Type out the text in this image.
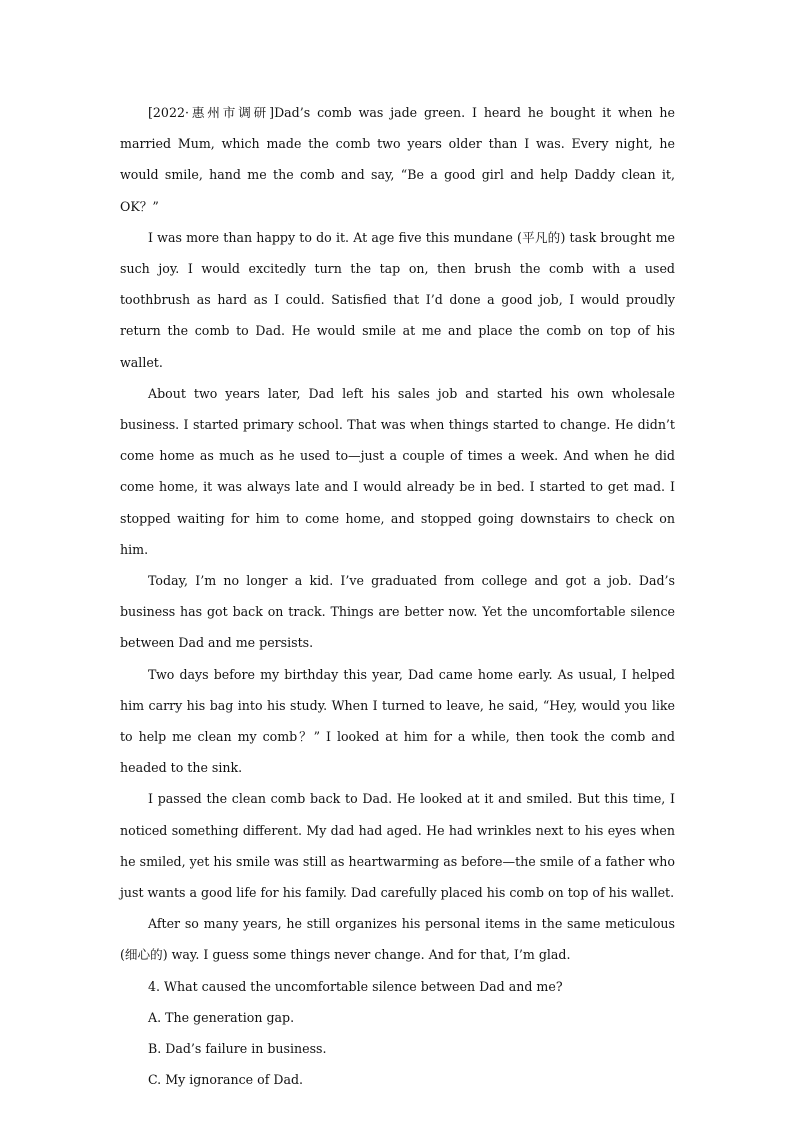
[2022·惠州市调研]Dad’s comb was jade green. I heard he bought it when he married Mum, which made the comb two years older than I was. Every night, he would smile, hand me the comb and say, “Be a good girl and help Daddy clean it, OK？”

I was more than happy to do it. At age five this mundane (平凡的) task brought me such joy. I would excitedly turn the tap on, then brush the comb with a used toothbrush as hard as I could. Satisfied that I’d done a good job, I would proudly return the comb to Dad. He would smile at me and place the comb on top of his wallet.

About two years later, Dad left his sales job and started his own wholesale business. I started primary school. That was when things started to change. He didn’t come home as much as he used to—just a couple of times a week. And when he did come home, it was always late and I would already be in bed. I started to get mad. I stopped waiting for him to come home, and stopped going downstairs to check on him.

Today, I’m no longer a kid. I’ve graduated from college and got a job. Dad’s business has got back on track. Things are better now. Yet the uncomfortable silence between Dad and me persists.

Two days before my birthday this year, Dad came home early. As usual, I helped him carry his bag into his study. When I turned to leave, he said, “Hey, would you like to help me clean my comb？” I looked at him for a while, then took the comb and headed to the sink.

I passed the clean comb back to Dad. He looked at it and smiled. But this time, I noticed something different. My dad had aged. He had wrinkles next to his eyes when he smiled, yet his smile was still as heartwarming as before—the smile of a father who just wants a good life for his family. Dad carefully placed his comb on top of his wallet.

After so many years, he still organizes his personal items in the same meticulous (细心的) way. I guess some things never change. And for that, I’m glad.

4. What caused the uncomfortable silence between Dad and me?

A. The generation gap.

B. Dad’s failure in business.

C. My ignorance of Dad.
